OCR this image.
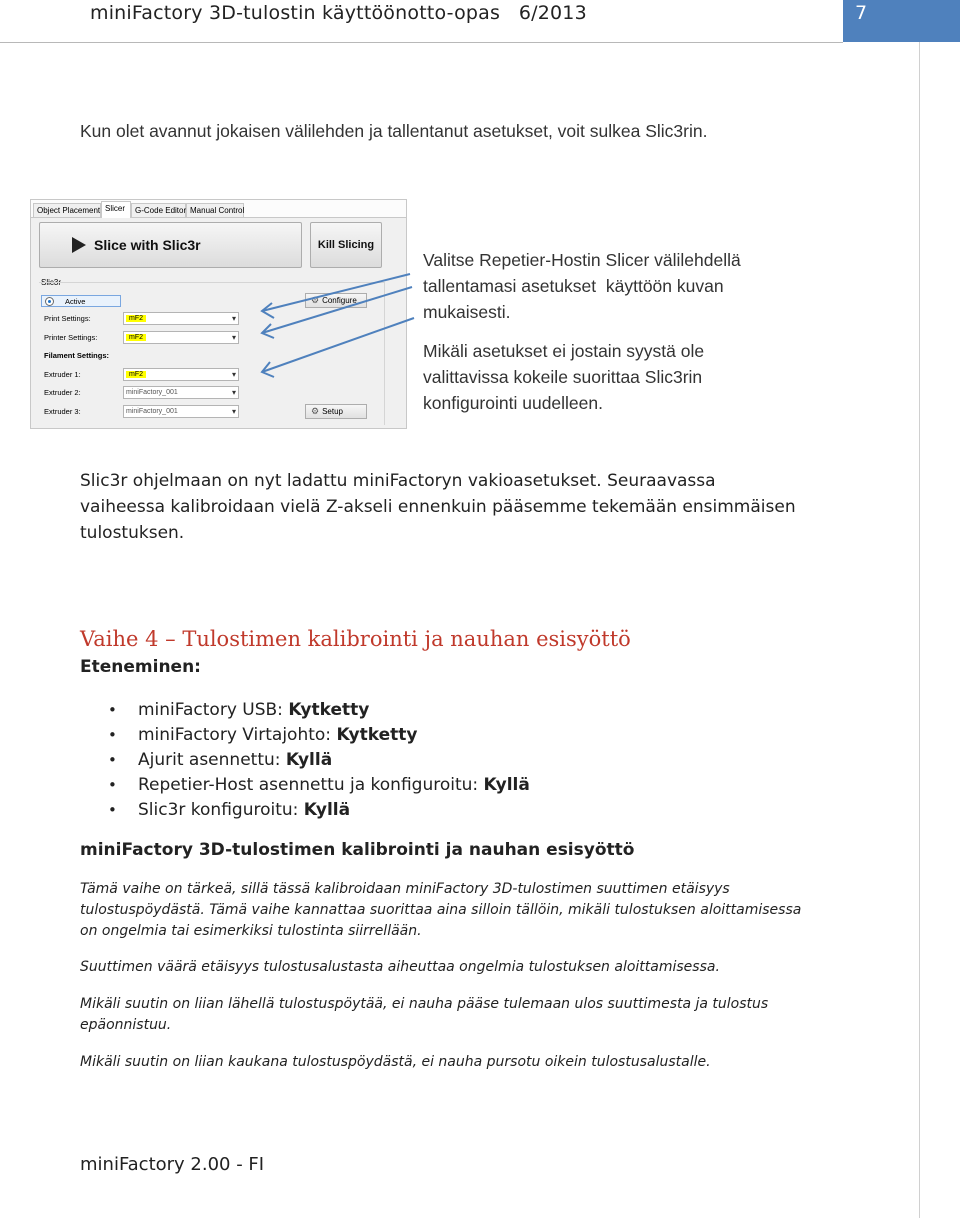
miniFactory 3D-tulostin käyttöönotto-opas   6/2013	7

Kun olet avannut jokaisen välilehden ja tallentanut asetukset, voit sulkea Slic3rin.

Object Placement Slicer	G-Code Editor Manual Control
Slice with Slic3r	Kill Slicing
Slic3r
Active	⚙ Configure
Print Settings:	mF2 ▾
Printer Settings:	mF2 ▾
Filament Settings:
Extruder 1:	mF2 ▾
Extruder 2:	miniFactory_001 ▾
Extruder 3:	miniFactory_001 ▾	⚙ Setup
Valitse Repetier-Hostin Slicer välilehdellä
tallentamasi asetukset  käyttöön kuvan
mukaisesti.
Mikäli asetukset ei jostain syystä ole
valittavissa kokeile suorittaa Slic3rin
konfigurointi uudelleen.
Slic3r ohjelmaan on nyt ladattu miniFactoryn vakioasetukset. Seuraavassa
vaiheessa kalibroidaan vielä Z-akseli ennenkuin pääsemme tekemään ensimmäisen
tulostuksen.
Vaihe 4 – Tulostimen kalibrointi ja nauhan esisyöttö
Eteneminen:
• miniFactory USB: Kytketty
• miniFactory Virtajohto: Kytketty
• Ajurit asennettu: Kyllä
• Repetier-Host asennettu ja konfiguroitu: Kyllä
• Slic3r konfiguroitu: Kyllä
miniFactory 3D-tulostimen kalibrointi ja nauhan esisyöttö
Tämä vaihe on tärkeä, sillä tässä kalibroidaan miniFactory 3D-tulostimen suuttimen etäisyys
tulostuspöydästä. Tämä vaihe kannattaa suorittaa aina silloin tällöin, mikäli tulostuksen aloittamisessa
on ongelmia tai esimerkiksi tulostinta siirrellään.
Suuttimen väärä etäisyys tulostusalustasta aiheuttaa ongelmia tulostuksen aloittamisessa.
Mikäli suutin on liian lähellä tulostuspöytää, ei nauha pääse tulemaan ulos suuttimesta ja tulostus
epäonnistuu.
Mikäli suutin on liian kaukana tulostuspöydästä, ei nauha pursotu oikein tulostusalustalle.
miniFactory 2.00 - FI
